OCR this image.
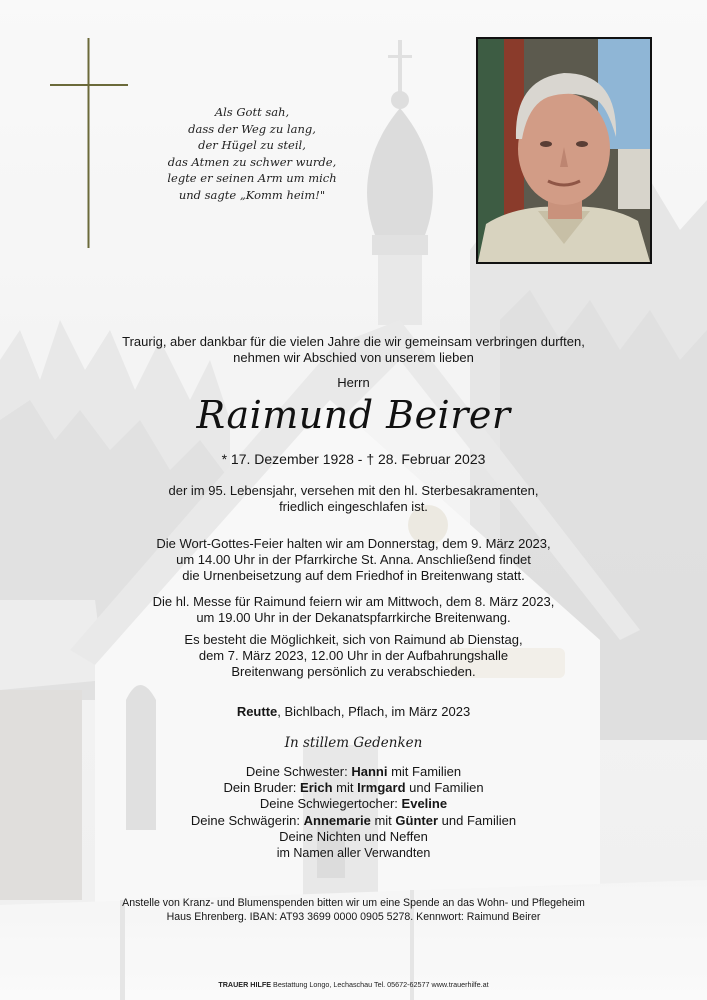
Als Gott sah,
dass der Weg zu lang,
der Hügel zu steil,
das Atmen zu schwer wurde,
legte er seinen Arm um mich
und sagte „Komm heim!"
Traurig, aber dankbar für die vielen Jahre die wir gemeinsam verbringen durften,
nehmen wir Abschied von unserem lieben
Herrn
Raimund Beirer
* 17. Dezember 1928 - † 28. Februar 2023
der im 95. Lebensjahr, versehen mit den hl. Sterbesakramenten,
friedlich eingeschlafen ist.
Die Wort-Gottes-Feier halten wir am Donnerstag, dem 9. März 2023,
um 14.00 Uhr in der Pfarrkirche St. Anna. Anschließend findet
die Urnenbeisetzung auf dem Friedhof in Breitenwang statt.
Die hl. Messe für Raimund feiern wir am Mittwoch, dem 8. März 2023,
um 19.00 Uhr in der Dekanatspfarrkirche Breitenwang.
Es besteht die Möglichkeit, sich von Raimund ab Dienstag,
dem 7. März 2023, 12.00 Uhr in der Aufbahrungshalle
Breitenwang persönlich zu verabschieden.
Reutte, Bichlbach, Pflach, im März 2023
In stillem Gedenken
Deine Schwester: Hanni mit Familien
Dein Bruder: Erich mit Irmgard und Familien
Deine Schwiegertocher: Eveline
Deine Schwägerin: Annemarie mit Günter und Familien
Deine Nichten und Neffen
im Namen aller Verwandten
Anstelle von Kranz- und Blumenspenden bitten wir um eine Spende an das Wohn- und Pflegeheim
Haus Ehrenberg. IBAN: AT93 3699 0000 0905 5278. Kennwort: Raimund Beirer
TRAUER HILFE Bestattung Longo, Lechaschau Tel. 05672-62577 www.trauerhilfe.at
